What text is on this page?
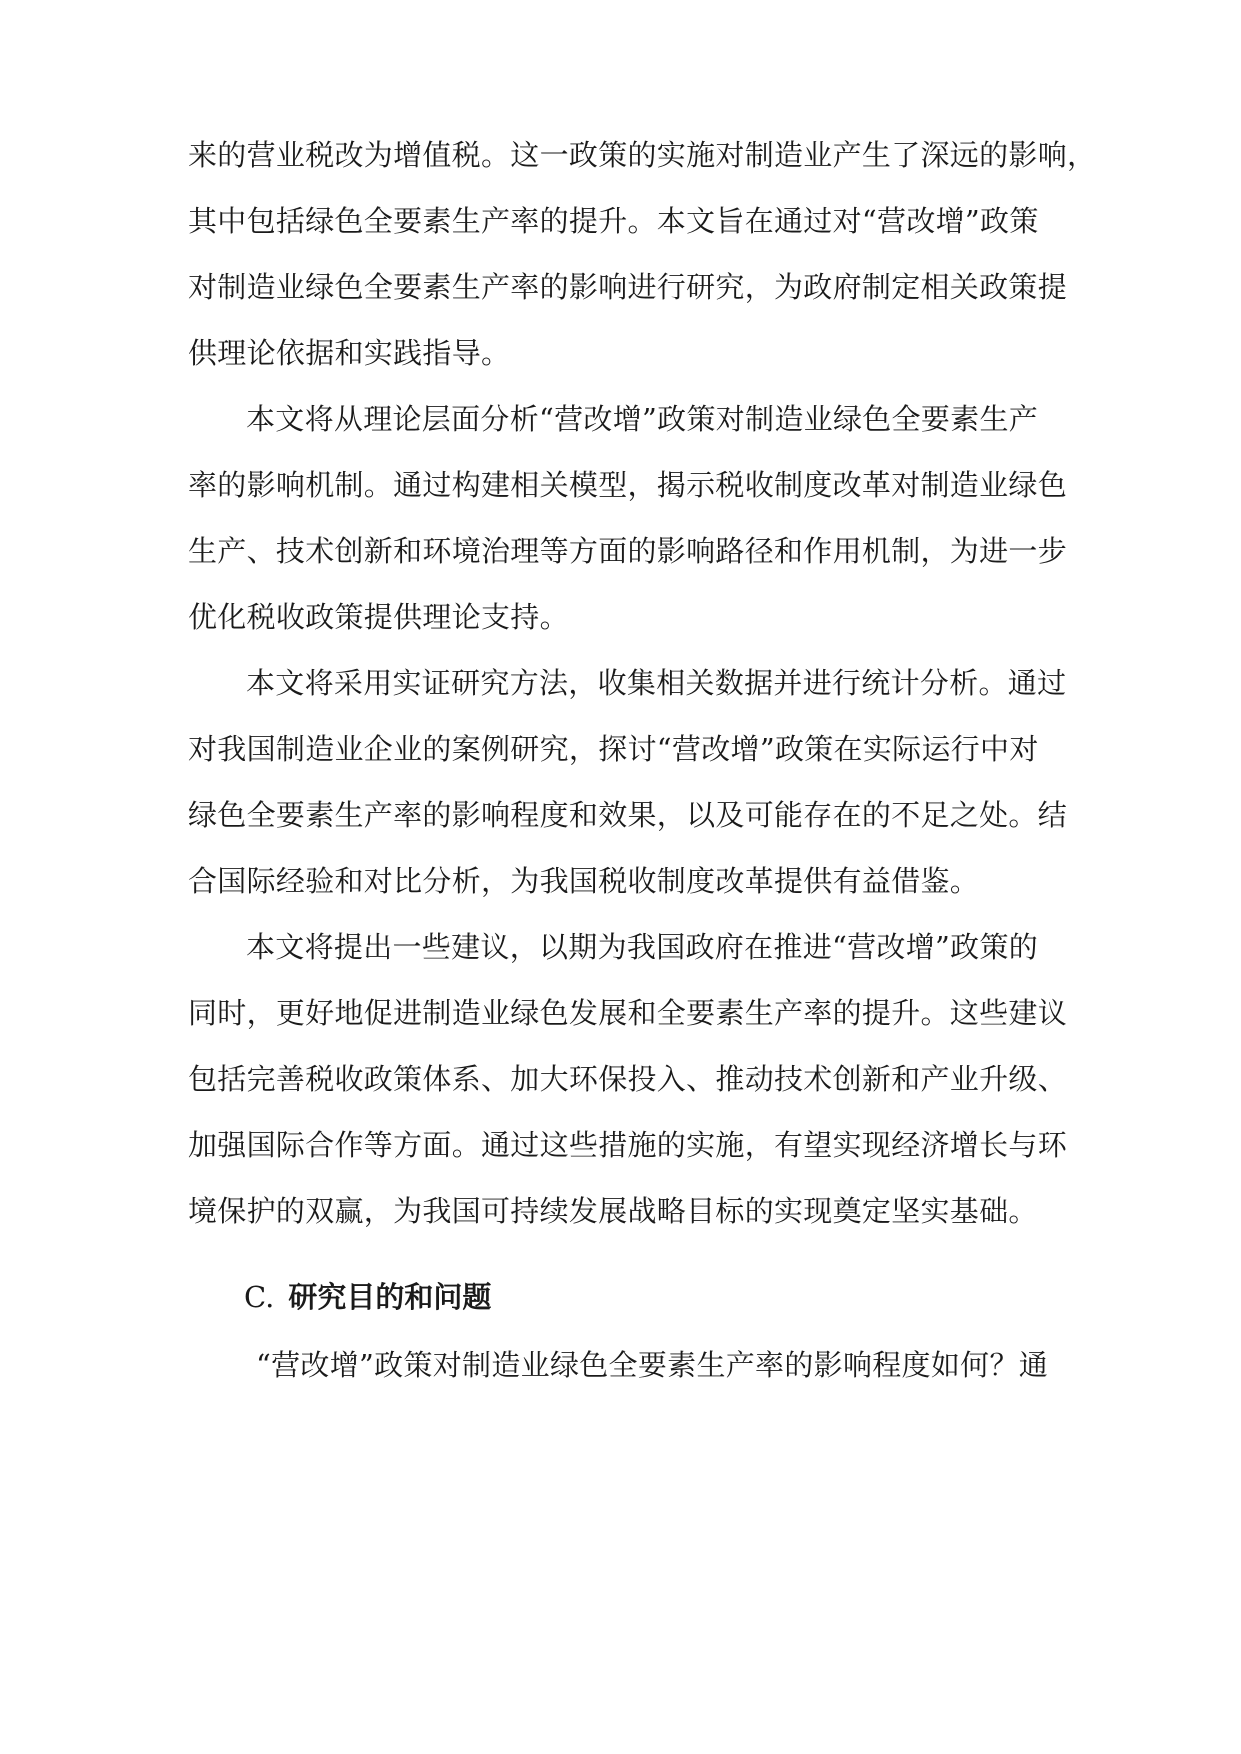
来的营业税改为增值税。这一政策的实施对制造业产生了深远的影响，

其中包括绿色全要素生产率的提升。本文旨在通过对“营改增”政策

对制造业绿色全要素生产率的影响进行研究，为政府制定相关政策提

供理论依据和实践指导。

本文将从理论层面分析“营改增”政策对制造业绿色全要素生产

率的影响机制。通过构建相关模型，揭示税收制度改革对制造业绿色

生产、技术创新和环境治理等方面的影响路径和作用机制，为进一步

优化税收政策提供理论支持。

本文将采用实证研究方法，收集相关数据并进行统计分析。通过

对我国制造业企业的案例研究，探讨“营改增”政策在实际运行中对

绿色全要素生产率的影响程度和效果，以及可能存在的不足之处。结

合国际经验和对比分析，为我国税收制度改革提供有益借鉴。

本文将提出一些建议，以期为我国政府在推进“营改增”政策的

同时，更好地促进制造业绿色发展和全要素生产率的提升。这些建议

包括完善税收政策体系、加大环保投入、推动技术创新和产业升级、

加强国际合作等方面。通过这些措施的实施，有望实现经济增长与环

境保护的双赢，为我国可持续发展战略目标的实现奠定坚实基础。

C. 研究目的和问题

“营改增”政策对制造业绿色全要素生产率的影响程度如何？通
